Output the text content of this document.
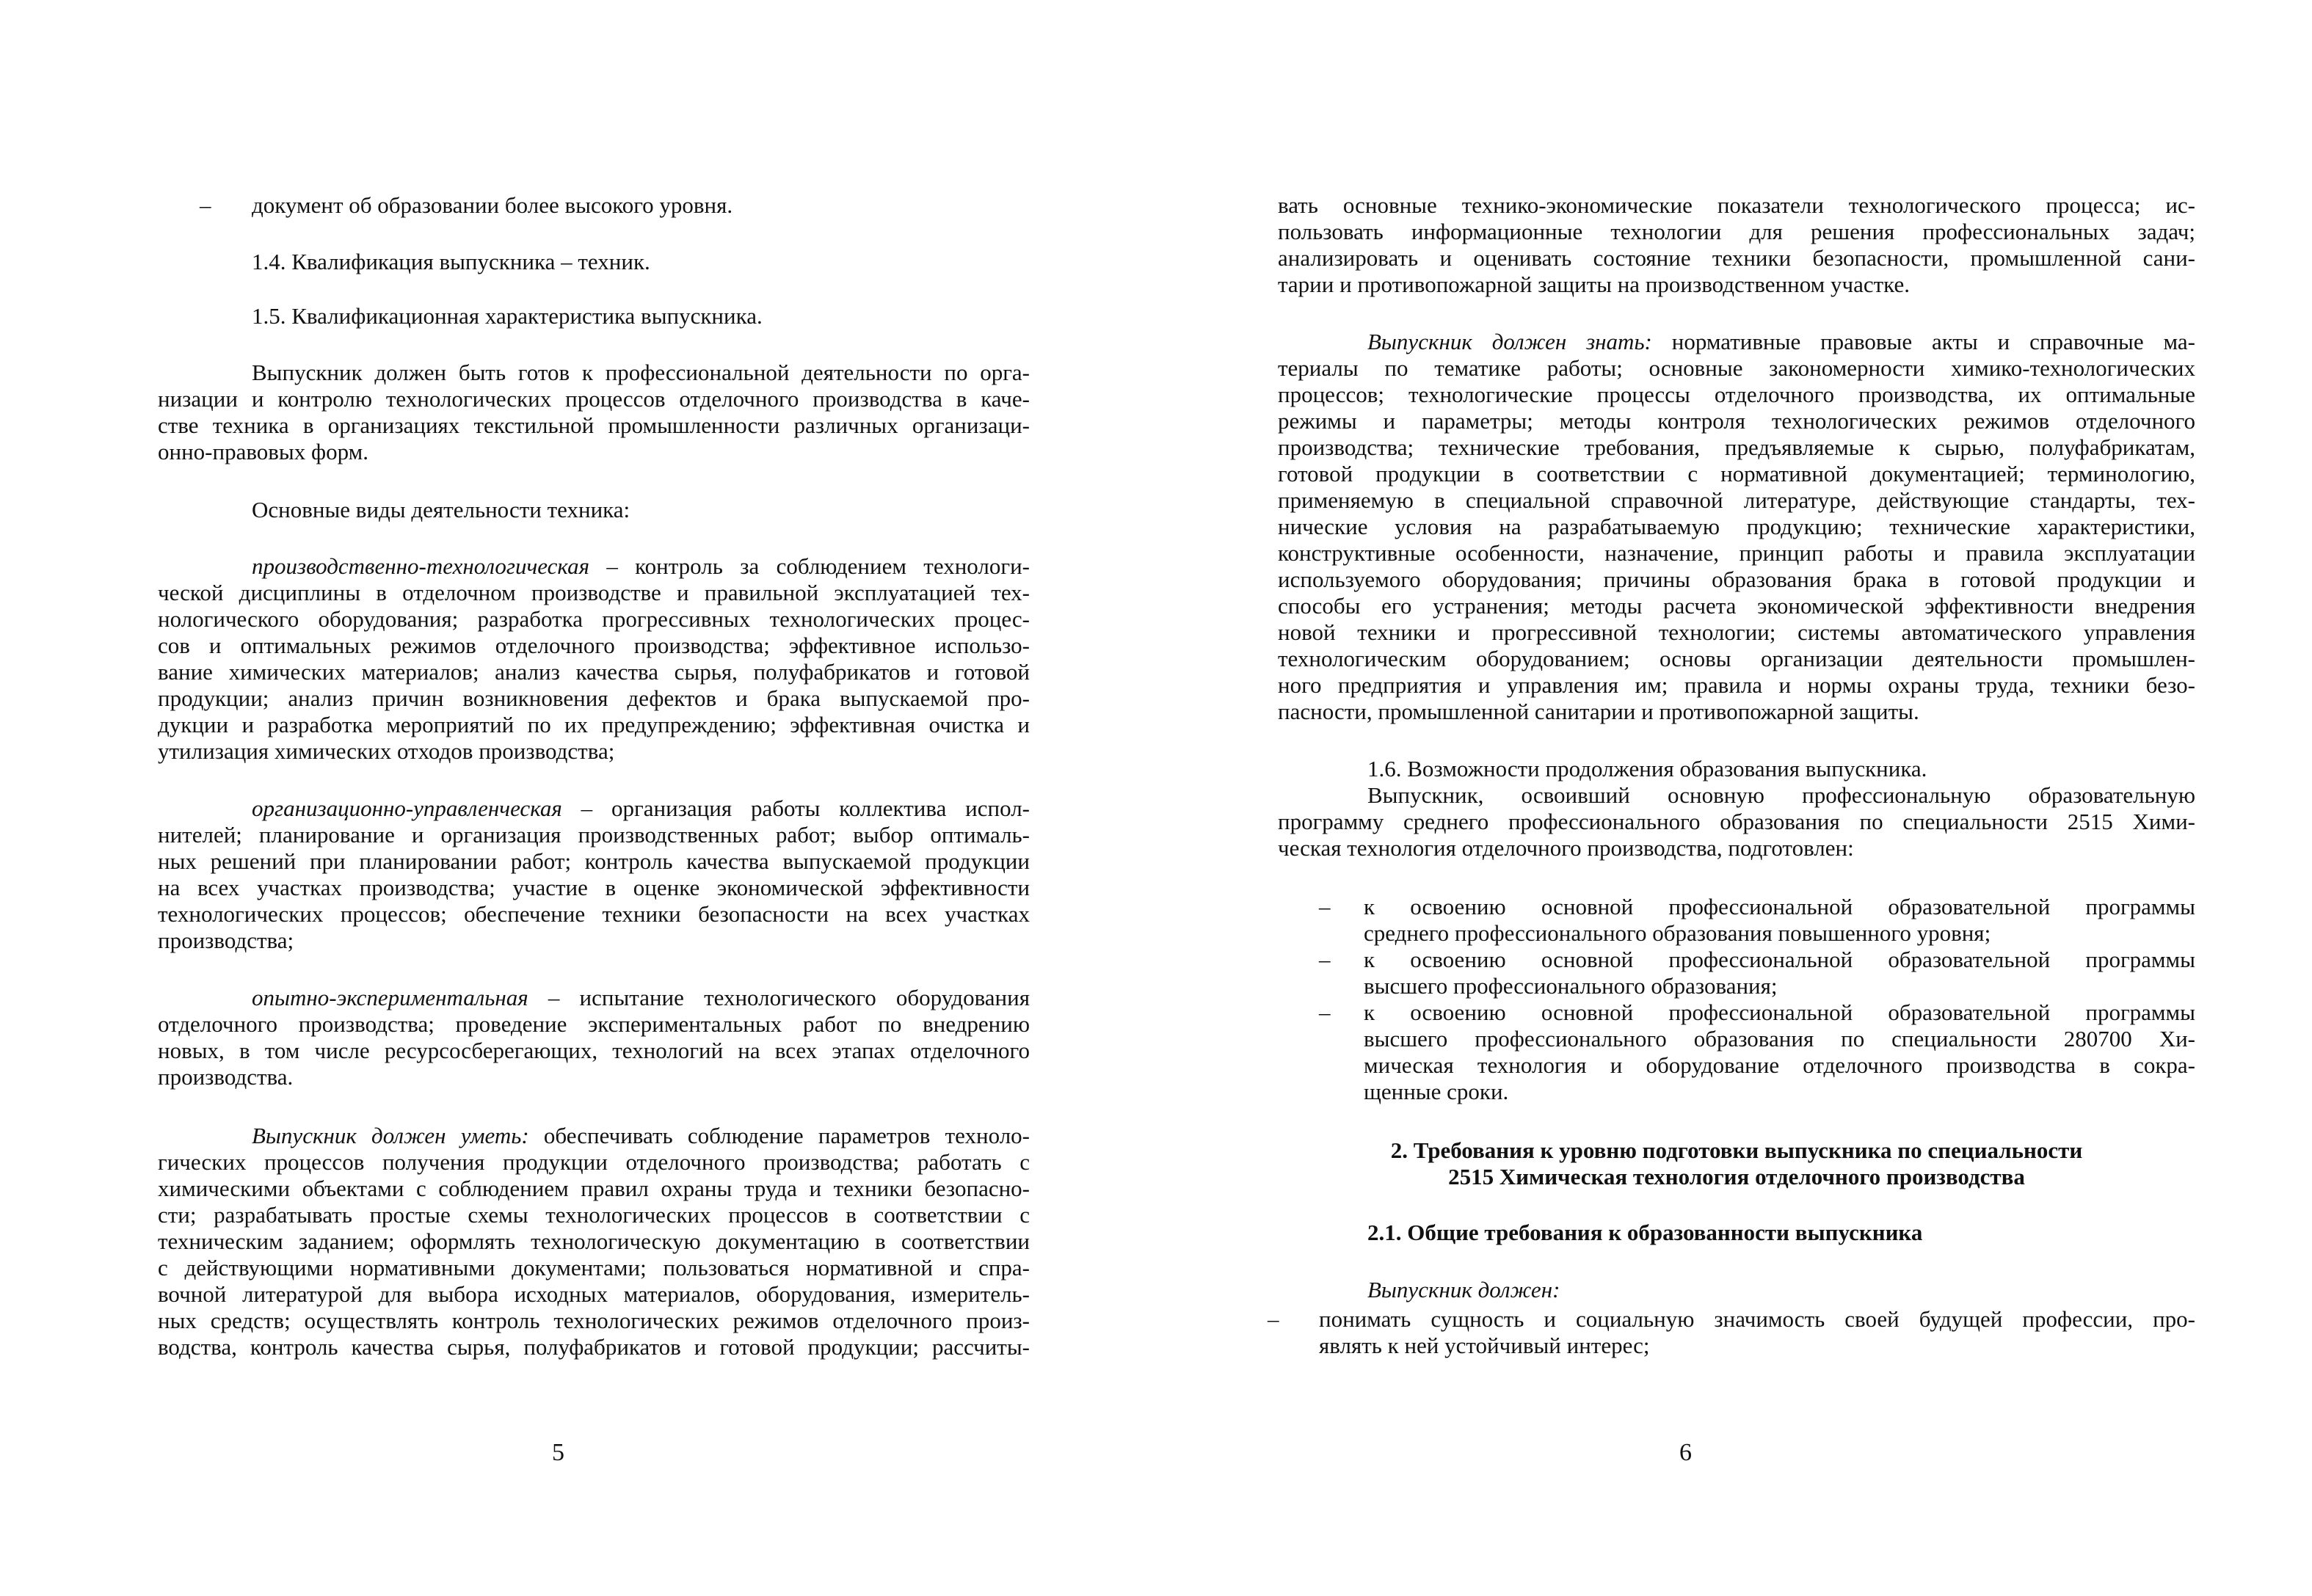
– документ об образовании более высокого уровня.
1.4. Квалификация выпускника – техник.
1.5. Квалификационная характеристика выпускника.
Выпускник должен быть готов к профессиональной деятельности по орга-
низации и контролю технологических процессов отделочного производства в каче-
стве техника в организациях текстильной промышленности различных организаци-
онно-правовых форм.
Основные виды деятельности техника:
производственно-технологическая – контроль за соблюдением технологи-
ческой дисциплины в отделочном производстве и правильной эксплуатацией тех-
нологического оборудования; разработка прогрессивных технологических процес-
сов и оптимальных режимов отделочного производства; эффективное использо-
вание химических материалов; анализ качества сырья, полуфабрикатов и готовой
продукции; анализ причин возникновения дефектов и брака выпускаемой про-
дукции и разработка мероприятий по их предупреждению; эффективная очистка и
утилизация химических отходов производства;
организационно-управленческая – организация работы коллектива испол-
нителей; планирование и организация производственных работ; выбор оптималь-
ных решений при планировании работ; контроль качества выпускаемой продукции
на всех участках производства; участие в оценке экономической эффективности
технологических процессов; обеспечение техники безопасности на всех участках
производства;
опытно-экспериментальная – испытание технологического оборудования
отделочного производства; проведение экспериментальных работ по внедрению
новых, в том числе ресурсосберегающих, технологий на всех этапах отделочного
производства.
Выпускник должен уметь: обеспечивать соблюдение параметров техноло-
гических процессов получения продукции отделочного производства; работать с
химическими объектами с соблюдением правил охраны труда и техники безопасно-
сти; разрабатывать простые схемы технологических процессов в соответствии с
техническим заданием; оформлять технологическую документацию в соответствии
с действующими нормативными документами; пользоваться нормативной и спра-
вочной литературой для выбора исходных материалов, оборудования, измеритель-
ных средств; осуществлять контроль технологических режимов отделочного произ-
водства, контроль качества сырья, полуфабрикатов и готовой продукции; рассчиты-
5
вать основные технико-экономические показатели технологического процесса; ис-
пользовать информационные технологии для решения профессиональных задач;
анализировать и оценивать состояние техники безопасности, промышленной сани-
тарии и противопожарной защиты на производственном участке.
Выпускник должен знать: нормативные правовые акты и справочные ма-
териалы по тематике работы; основные закономерности химико-технологических
процессов; технологические процессы отделочного производства, их оптимальные
режимы и параметры; методы контроля технологических режимов отделочного
производства; технические требования, предъявляемые к сырью, полуфабрикатам,
готовой продукции в соответствии с нормативной документацией; терминологию,
применяемую в специальной справочной литературе, действующие стандарты, тех-
нические условия на разрабатываемую продукцию; технические характеристики,
конструктивные особенности, назначение, принцип работы и правила эксплуатации
используемого оборудования; причины образования брака в готовой продукции и
способы его устранения; методы расчета экономической эффективности внедрения
новой техники и прогрессивной технологии; системы автоматического управления
технологическим оборудованием; основы организации деятельности промышлен-
ного предприятия и управления им; правила и нормы охраны труда, техники безо-
пасности, промышленной санитарии и противопожарной защиты.
1.6. Возможности продолжения образования выпускника.
Выпускник, освоивший основную профессиональную образовательную
программу среднего профессионального образования по специальности 2515 Хими-
ческая технология отделочного производства, подготовлен:
– к освоению основной профессиональной образовательной программы
среднего профессионального образования повышенного уровня;
– к освоению основной профессиональной образовательной программы
высшего профессионального образования;
– к освоению основной профессиональной образовательной программы
высшего профессионального образования по специальности 280700 Хи-
мическая технология и оборудование отделочного производства в сокра-
щенные сроки.
2. Требования к уровню подготовки выпускника по специальности
2515 Химическая технология отделочного производства
2.1. Общие требования к образованности выпускника
Выпускник должен:
– понимать сущность и социальную значимость своей будущей профессии, про-
являть к ней устойчивый интерес;
6
